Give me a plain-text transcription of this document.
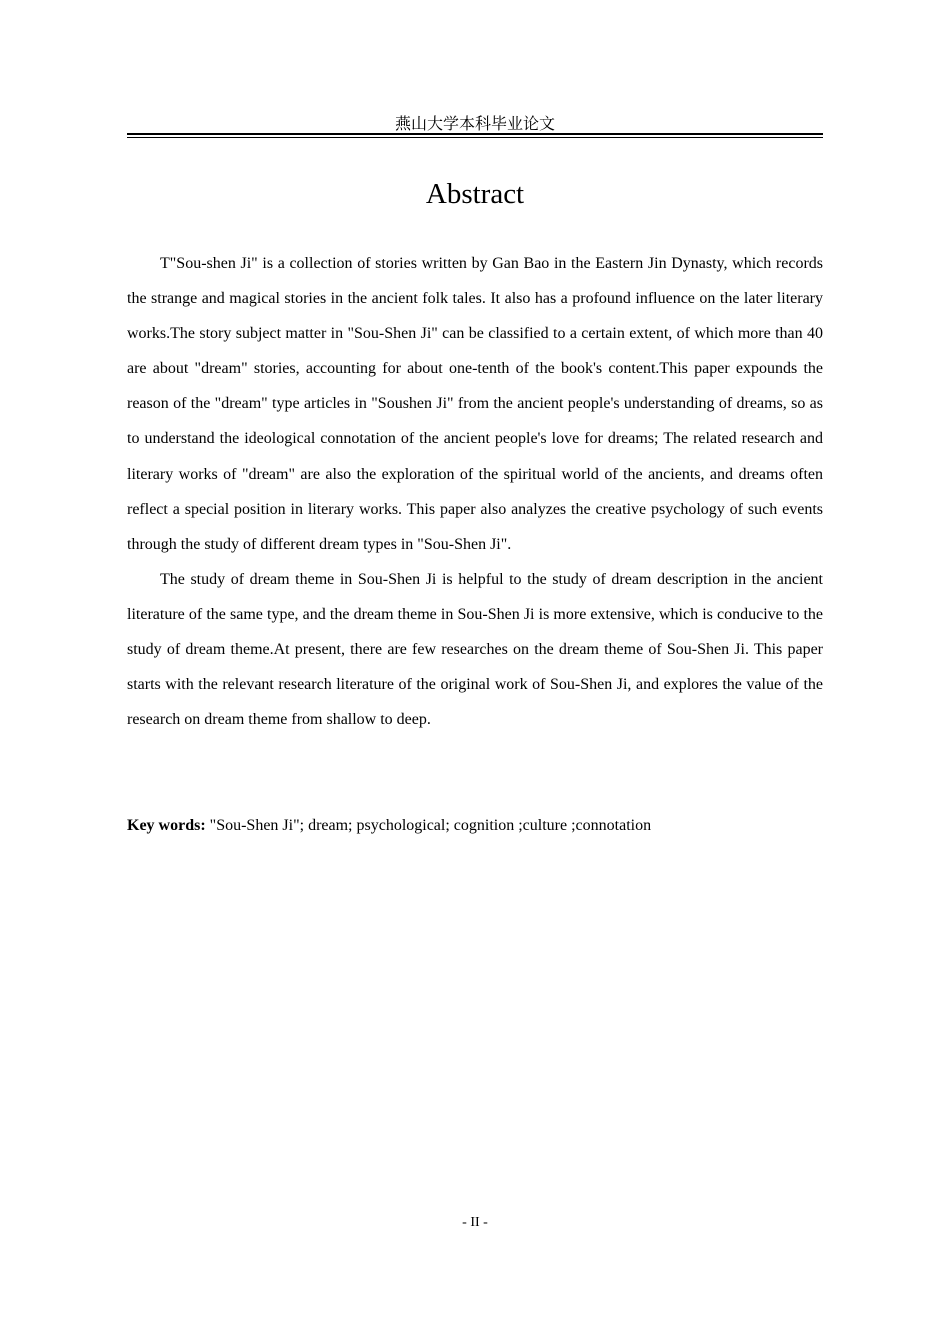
燕山大学本科毕业论文
Abstract

T"Sou-shen Ji" is a collection of stories written by Gan Bao in the Eastern Jin Dynasty, which records the strange and magical stories in the ancient folk tales. It also has a profound influence on the later literary works.The story subject matter in "Sou-Shen Ji" can be classified to a certain extent, of which more than 40 are about "dream" stories, accounting for about one-tenth of the book's content.This paper expounds the reason of the "dream" type articles in "Soushen Ji" from the ancient people's understanding of dreams, so as to understand the ideological connotation of the ancient people's love for dreams; The related research and literary works of "dream" are also the exploration of the spiritual world of the ancients, and dreams often reflect a special position in literary works. This paper also analyzes the creative psychology of such events through the study of different dream types in "Sou-Shen Ji".

The study of dream theme in Sou-Shen Ji is helpful to the study of dream description in the ancient literature of the same type, and the dream theme in Sou-Shen Ji is more extensive, which is conducive to the study of dream theme.At present, there are few researches on the dream theme of Sou-Shen Ji. This paper starts with the relevant research literature of the original work of Sou-Shen Ji, and explores the value of the research on dream theme from shallow to deep.

Key words: "Sou-Shen Ji"; dream; psychological; cognition ;culture ;connotation
- II -
